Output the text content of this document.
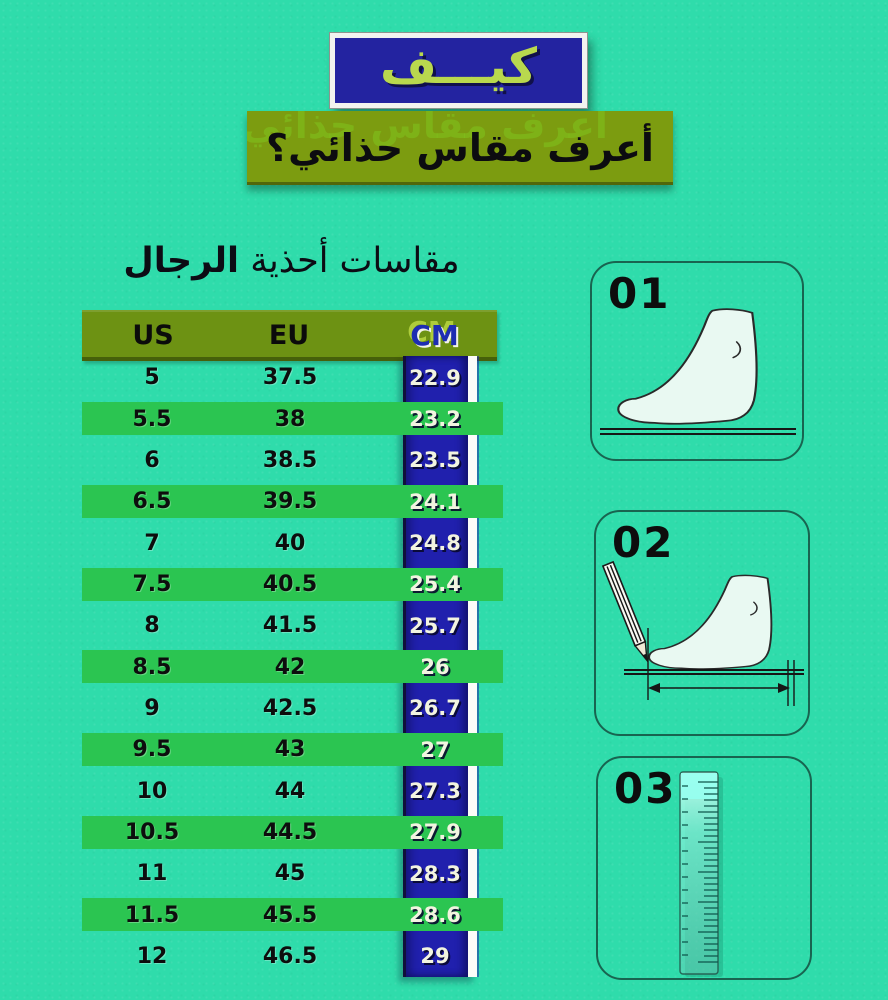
كيـــف
أعرف مقاس حذائي؟
مقاسات أحذية الرجال
US	EU	CM
5	37.5	22.9
5.5	38	23.2
6	38.5	23.5
6.5	39.5	24.1
7	40	24.8
7.5	40.5	25.4
8	41.5	25.7
8.5	42	26
9	42.5	26.7
9.5	43	27
10	44	27.3
10.5	44.5	27.9
11	45	28.3
11.5	45.5	28.6
12	46.5	29
01
02
03
